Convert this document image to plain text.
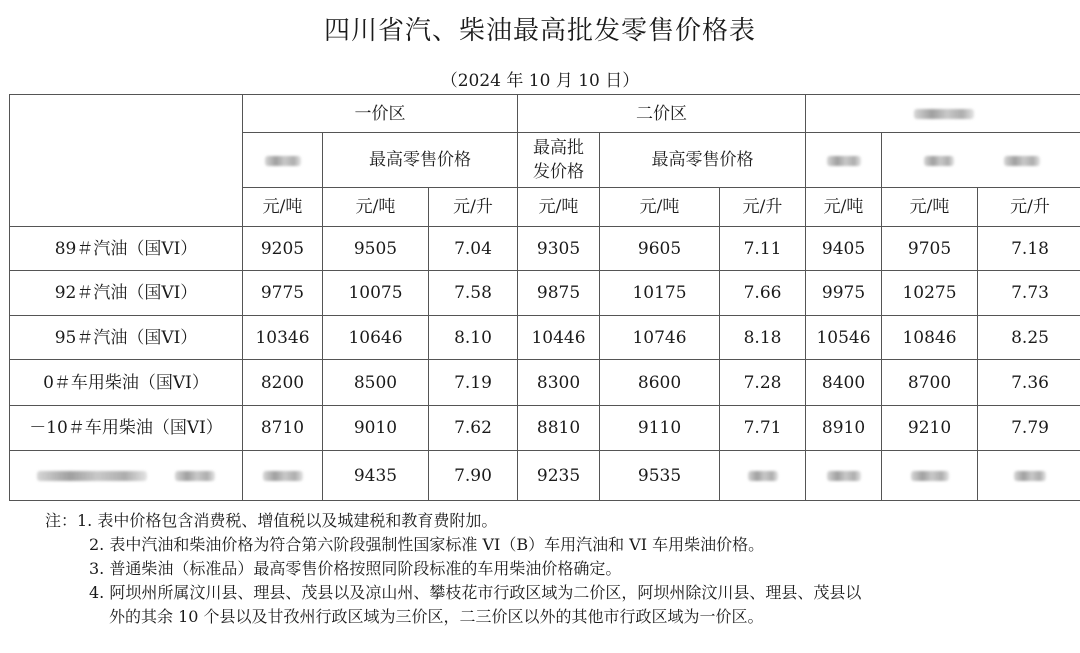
四川省汽、柴油最高批发零售价格表
（2024 年 10 月 10 日）
	一价区			二价区					
		最高零售价格		最高批发价格	最高零售价格				
	元/吨	元/吨	元/升	元/吨	元/吨	元/升	元/吨	元/吨	元/升
89＃汽油（国VI）	9205	9505	7.04	9305	9605	7.11	9405	9705	7.18
92＃汽油（国VI）	9775	10075	7.58	9875	10175	7.66	9975	10275	7.73
95＃汽油（国VI）	10346	10646	8.10	10446	10746	8.18	10546	10846	8.25
0＃车用柴油（国VI）	8200	8500	7.19	8300	8600	7.28	8400	8700	7.36
－10＃车用柴油（国VI）	8710	9010	7.62	8810	9110	7.71	8910	9210	7.79
		9435	7.90	9235	9535				
注：1. 表中价格包含消费税、增值税以及城建税和教育费附加。
2. 表中汽油和柴油价格为符合第六阶段强制性国家标准 VI（B）车用汽油和 VI 车用柴油价格。
3. 普通柴油（标准品）最高零售价格按照同阶段标准的车用柴油价格确定。
4. 阿坝州所属汶川县、理县、茂县以及凉山州、攀枝花市行政区域为二价区，阿坝州除汶川县、理县、茂县以
外的其余 10 个县以及甘孜州行政区域为三价区，二三价区以外的其他市行政区域为一价区。
